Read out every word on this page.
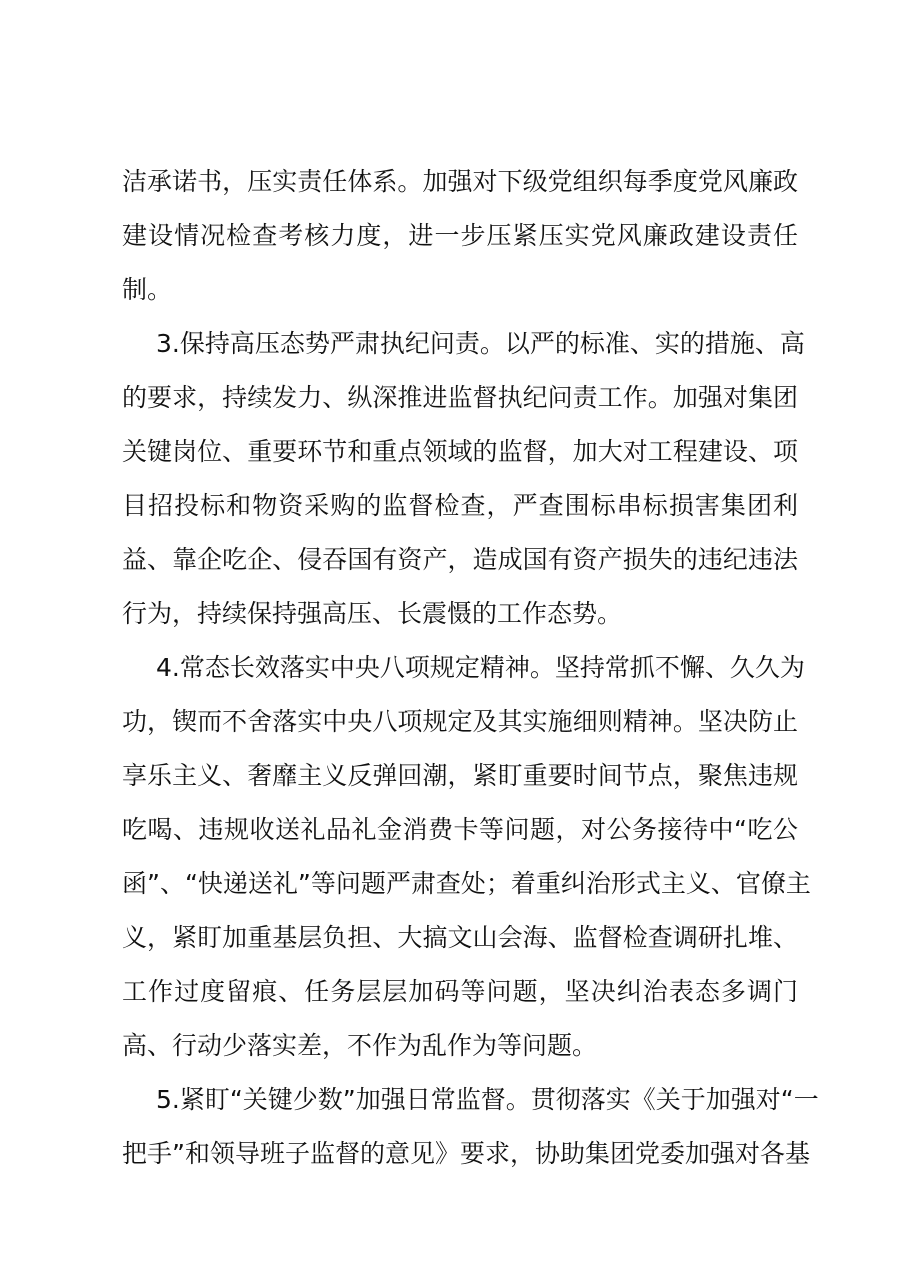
洁承诺书，压实责任体系。加强对下级党组织每季度党风廉政
建设情况检查考核力度，进一步压紧压实党风廉政建设责任
制。
3.保持高压态势严肃执纪问责。以严的标准、实的措施、高
的要求，持续发力、纵深推进监督执纪问责工作。加强对集团
关键岗位、重要环节和重点领域的监督，加大对工程建设、项
目招投标和物资采购的监督检查，严查围标串标损害集团利
益、靠企吃企、侵吞国有资产，造成国有资产损失的违纪违法
行为，持续保持强高压、长震慑的工作态势。
4.常态长效落实中央八项规定精神。坚持常抓不懈、久久为
功，锲而不舍落实中央八项规定及其实施细则精神。坚决防止
享乐主义、奢靡主义反弹回潮，紧盯重要时间节点，聚焦违规
吃喝、违规收送礼品礼金消费卡等问题，对公务接待中“吃公
函”、“快递送礼”等问题严肃查处；着重纠治形式主义、官僚主
义，紧盯加重基层负担、大搞文山会海、监督检查调研扎堆、
工作过度留痕、任务层层加码等问题，坚决纠治表态多调门
高、行动少落实差，不作为乱作为等问题。
5.紧盯“关键少数”加强日常监督。贯彻落实《关于加强对“一
把手”和领导班子监督的意见》要求，协助集团党委加强对各基
